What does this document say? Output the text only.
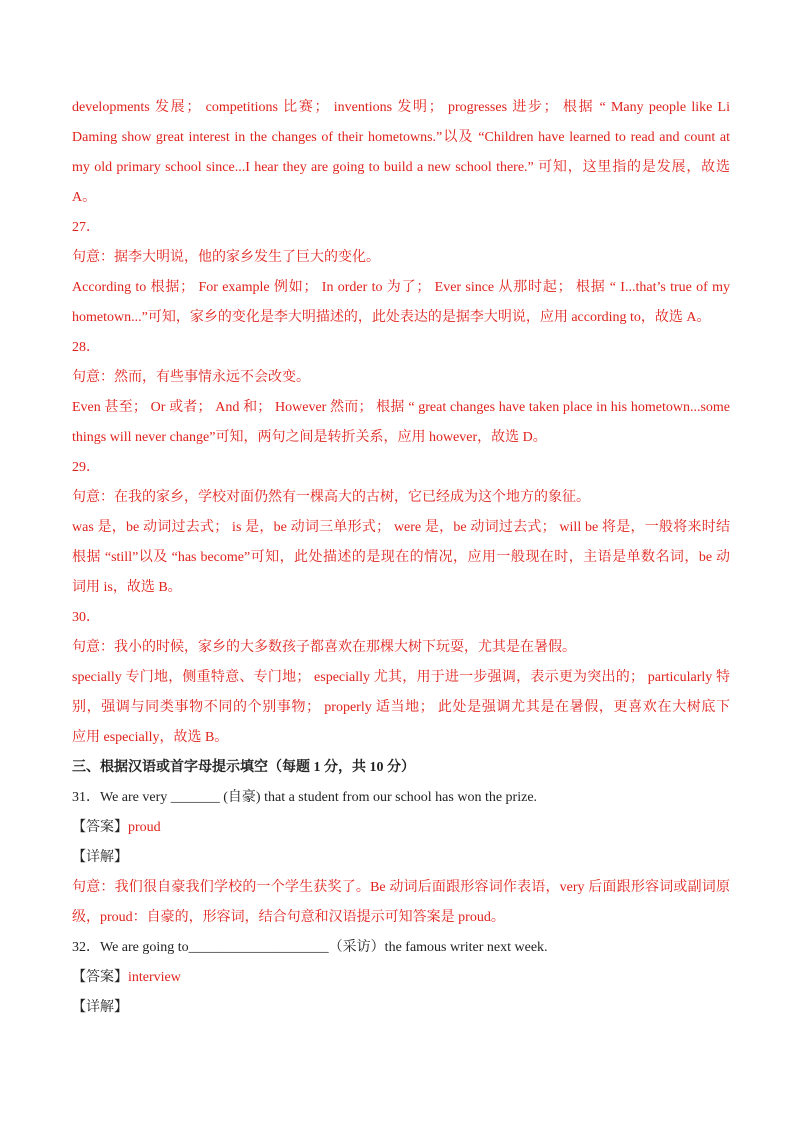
developments 发展； competitions 比赛； inventions 发明； progresses 进步； 根据 “ Many people like Li
Daming show great interest in the changes of their hometowns.”以及 “Children have learned to read and count at
my old primary school since...I hear they are going to build a new school there.” 可知，这里指的是发展，故选
A。
27．
句意：据李大明说，他的家乡发生了巨大的变化。
According to 根据； For example 例如； In order to 为了； Ever since 从那时起； 根据 “ I...that’s true of my
hometown...”可知，家乡的变化是李大明描述的，此处表达的是据李大明说，应用 according to，故选 A。
28．
句意：然而，有些事情永远不会改变。
Even 甚至； Or 或者； And 和； However 然而； 根据 “ great changes have taken place in his hometown...some
things will never change”可知，两句之间是转折关系，应用 however，故选 D。
29．
句意：在我的家乡，学校对面仍然有一棵高大的古树，它已经成为这个地方的象征。
was 是，be 动词过去式； is 是，be 动词三单形式； were 是，be 动词过去式； will be 将是，一般将来时结
根据 “still”以及 “has become”可知，此处描述的是现在的情况，应用一般现在时，主语是单数名词，be 动
词用 is，故选 B。
30．
句意：我小的时候，家乡的大多数孩子都喜欢在那棵大树下玩耍，尤其是在暑假。
specially 专门地，侧重特意、专门地； especially 尤其，用于进一步强调，表示更为突出的； particularly 特
别，强调与同类事物不同的个别事物； properly 适当地； 此处是强调尤其是在暑假，更喜欢在大树底下
应用 especially，故选 B。
三、根据汉语或首字母提示填空（每题 1 分，共 10 分）
31．We are very _______ (自豪) that a student from our school has won the prize.
【答案】proud
【详解】
句意：我们很自豪我们学校的一个学生获奖了。Be 动词后面跟形容词作表语，very 后面跟形容词或副词原
级，proud：自豪的，形容词，结合句意和汉语提示可知答案是 proud。
32．We are going to____________________（采访）the famous writer next week.
【答案】interview
【详解】
